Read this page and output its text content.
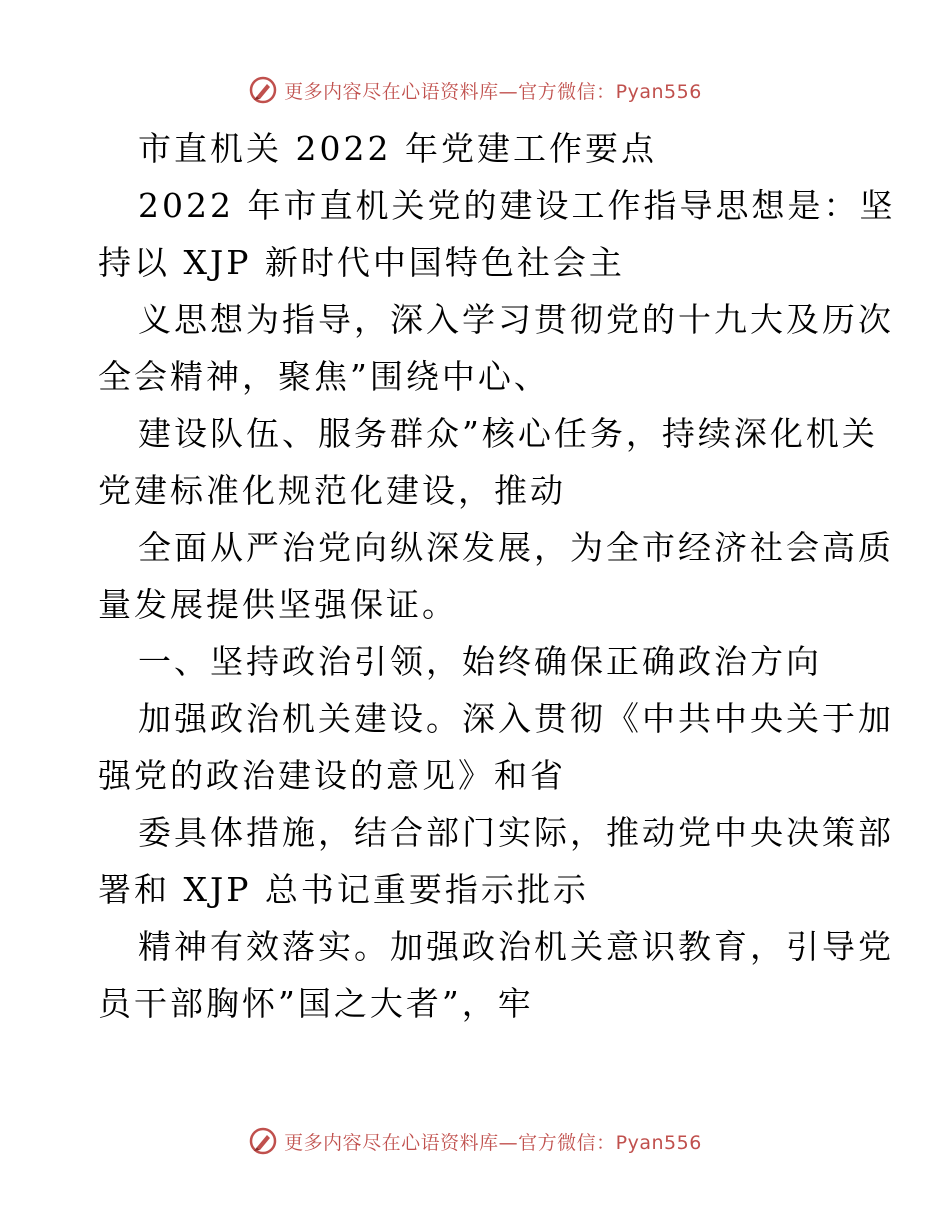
更多内容尽在心语资料库—官方微信：Pyan556
市直机关 2022 年党建工作要点
2022 年市直机关党的建设工作指导思想是：坚
持以 XJP 新时代中国特色社会主
义思想为指导，深入学习贯彻党的十九大及历次
全会精神，聚焦”围绕中心、
建设队伍、服务群众”核心任务，持续深化机关
党建标准化规范化建设，推动
全面从严治党向纵深发展，为全市经济社会高质
量发展提供坚强保证。
一、坚持政治引领，始终确保正确政治方向
加强政治机关建设。深入贯彻《中共中央关于加
强党的政治建设的意见》和省
委具体措施，结合部门实际，推动党中央决策部
署和 XJP 总书记重要指示批示
精神有效落实。加强政治机关意识教育，引导党
员干部胸怀”国之大者”，牢
更多内容尽在心语资料库—官方微信：Pyan556
